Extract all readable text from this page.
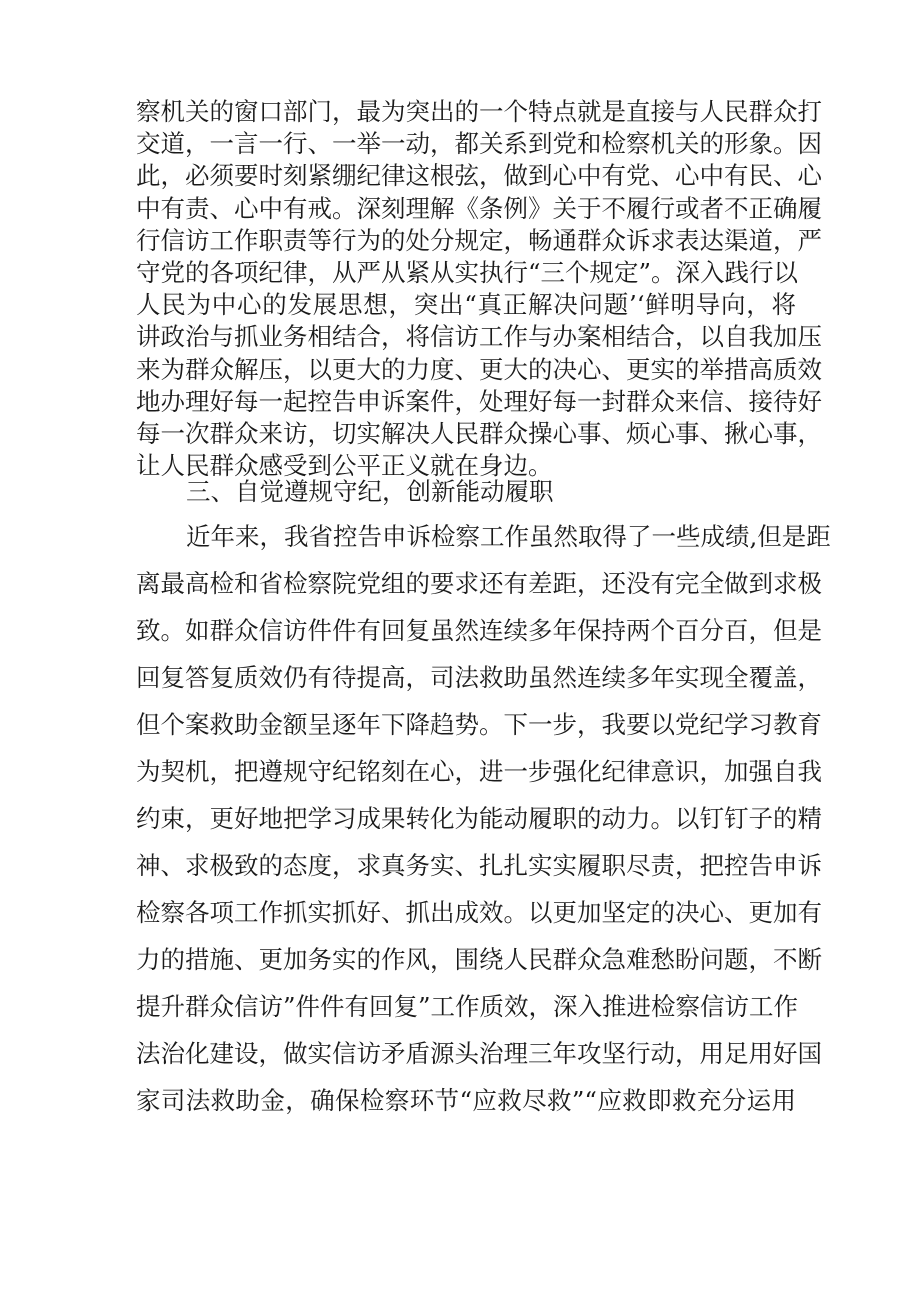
察机关的窗口部门，最为突出的一个特点就是直接与人民群众打
交道，一言一行、一举一动，都关系到党和检察机关的形象。因
此，必须要时刻紧绷纪律这根弦，做到心中有党、心中有民、心
中有责、心中有戒。深刻理解《条例》关于不履行或者不正确履
行信访工作职责等行为的处分规定，畅通群众诉求表达渠道，严
守党的各项纪律，从严从紧从实执行“三个规定”。深入践行以
人民为中心的发展思想，突出“真正解决问题’‘鲜明导向，将
讲政治与抓业务相结合，将信访工作与办案相结合，以自我加压
来为群众解压，以更大的力度、更大的决心、更实的举措高质效
地办理好每一起控告申诉案件，处理好每一封群众来信、接待好
每一次群众来访，切实解决人民群众操心事、烦心事、揪心事，
让人民群众感受到公平正义就在身边。
三、自觉遵规守纪，创新能动履职
近年来，我省控告申诉检察工作虽然取得了一些成绩,但是距
离最高检和省检察院党组的要求还有差距，还没有完全做到求极
致。如群众信访件件有回复虽然连续多年保持两个百分百，但是
回复答复质效仍有待提高，司法救助虽然连续多年实现全覆盖，
但个案救助金额呈逐年下降趋势。下一步，我要以党纪学习教育
为契机，把遵规守纪铭刻在心，进一步强化纪律意识，加强自我
约束，更好地把学习成果转化为能动履职的动力。以钉钉子的精
神、求极致的态度，求真务实、扎扎实实履职尽责，把控告申诉
检察各项工作抓实抓好、抓出成效。以更加坚定的决心、更加有
力的措施、更加务实的作风，围绕人民群众急难愁盼问题，不断
提升群众信访”件件有回复”工作质效，深入推进检察信访工作
法治化建设，做实信访矛盾源头治理三年攻坚行动，用足用好国
家司法救助金，确保检察环节“应救尽救”“应救即救充分运用
